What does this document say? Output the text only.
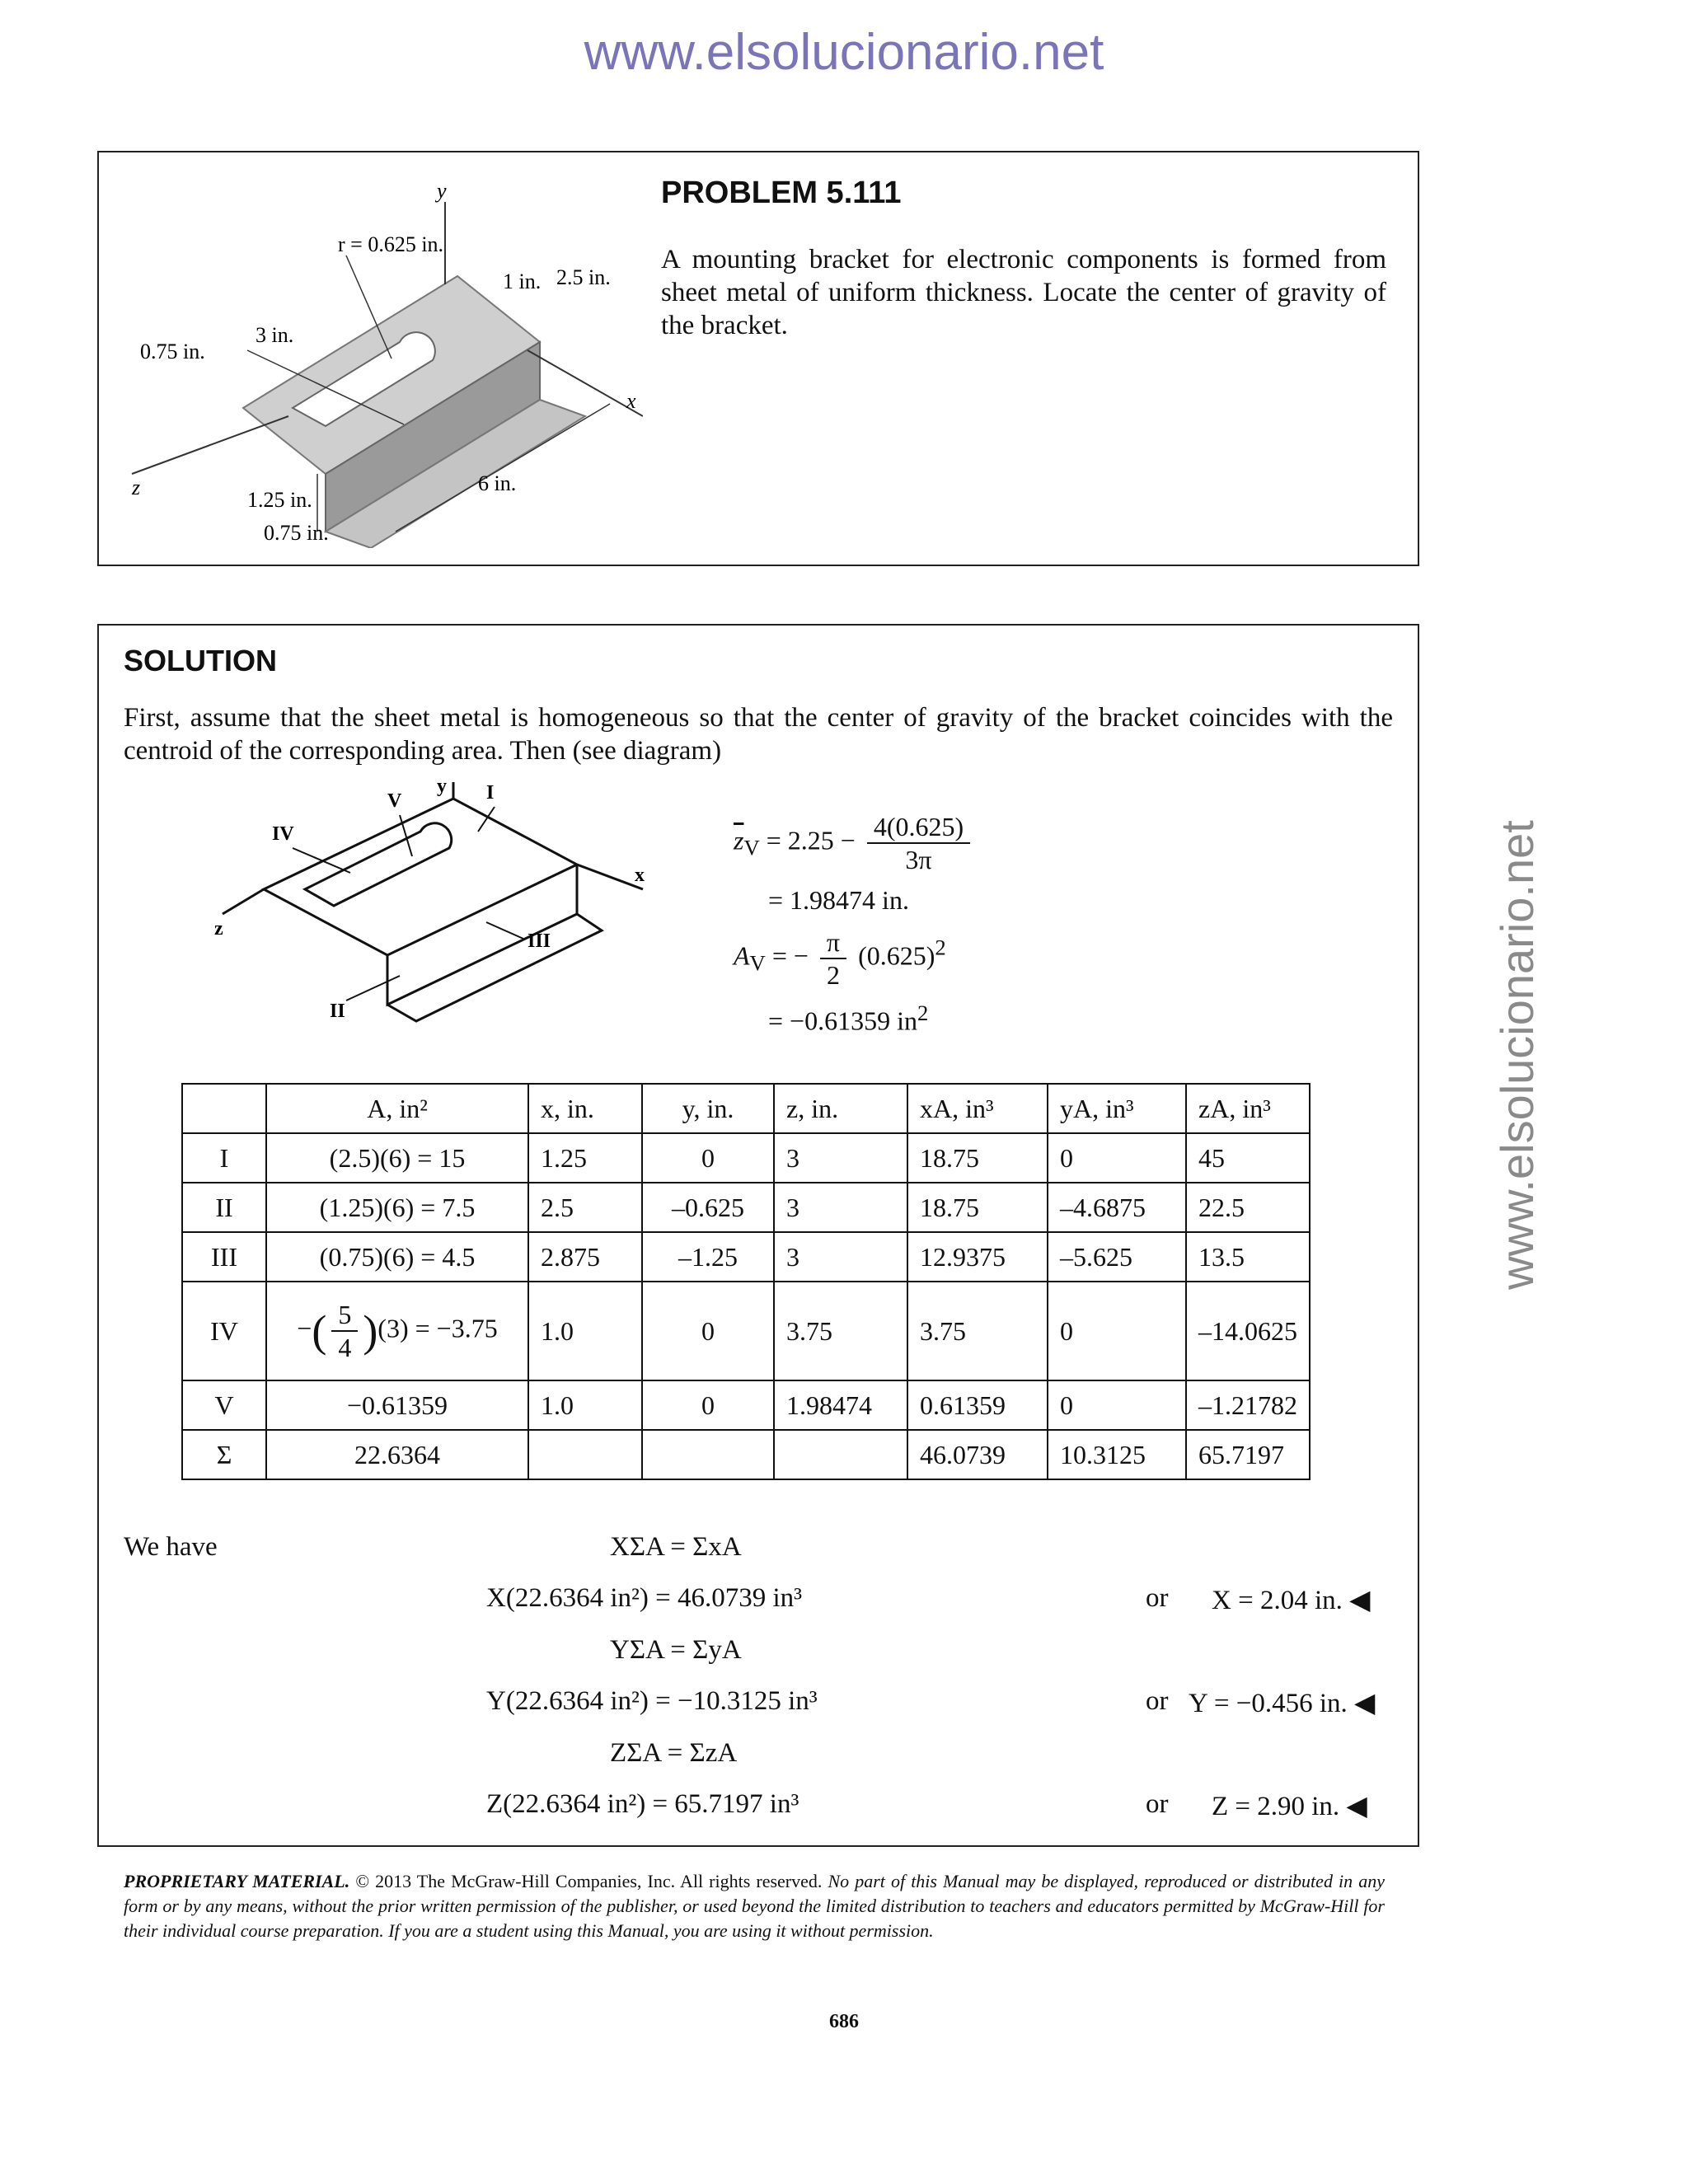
www.elsolucionario.net
www.elsolucionario.net
y
x
z
r = 0.625 in.
1 in. 2.5 in.
3 in.
0.75 in.
1.25 in.
0.75 in.
6 in.
PROBLEM 5.111
A mounting bracket for electronic components is formed from sheet metal of uniform thickness. Locate the center of gravity of the bracket.
SOLUTION
First, assume that the sheet metal is homogeneous so that the center of gravity of the bracket coincides with the centroid of the corresponding area. Then (see diagram)
y
x
z
I
V
IV
III
II
$\overline{z}_V = 2.25 - \frac{4(0.625)}{3\pi}$
= 1.98474 in.
$A_V$ = − $\frac{\pi}{2} (0.625)^2$
= −0.61359 $in^2$
	A, in²	x, in.	y, in.	z, in.	xA, in³	yA, in³	zA, in³
I	(2.5)(6) = 15	1.25	0	3	18.75	0	45
II	(1.25)(6) = 7.5	2.5	–0.625	3	18.75	–4.6875	22.5
III	(0.75)(6) = 4.5	2.875	–1.25	3	12.9375	–5.625	13.5
IV	−( $\frac{5}{4} )(3) = -3.75$	1.0	0	3.75	3.75	0	–14.0625
V	−0.61359	1.0	0	1.98474	0.61359	0	–1.21782
Σ	22.6364				46.0739	10.3125	65.7197
We have	XΣA = ΣxA
X(22.6364 in²) = 46.0739 in³	or X = 2.04 in. ◀
YΣA = ΣyA
Y(22.6364 in²) = −10.3125 in³	or Y = −0.456 in. ◀
ZΣA = ΣzA
Z(22.6364 in²) = 65.7197 in³	or Z = 2.90 in. ◀
PROPRIETARY MATERIAL. © 2013 The McGraw-Hill Companies, Inc. All rights reserved. No part of this Manual may be displayed, reproduced or distributed in any form or by any means, without the prior written permission of the publisher, or used beyond the limited distribution to teachers and educators permitted by McGraw-Hill for their individual course preparation. If you are a student using this Manual, you are using it without permission.
686
